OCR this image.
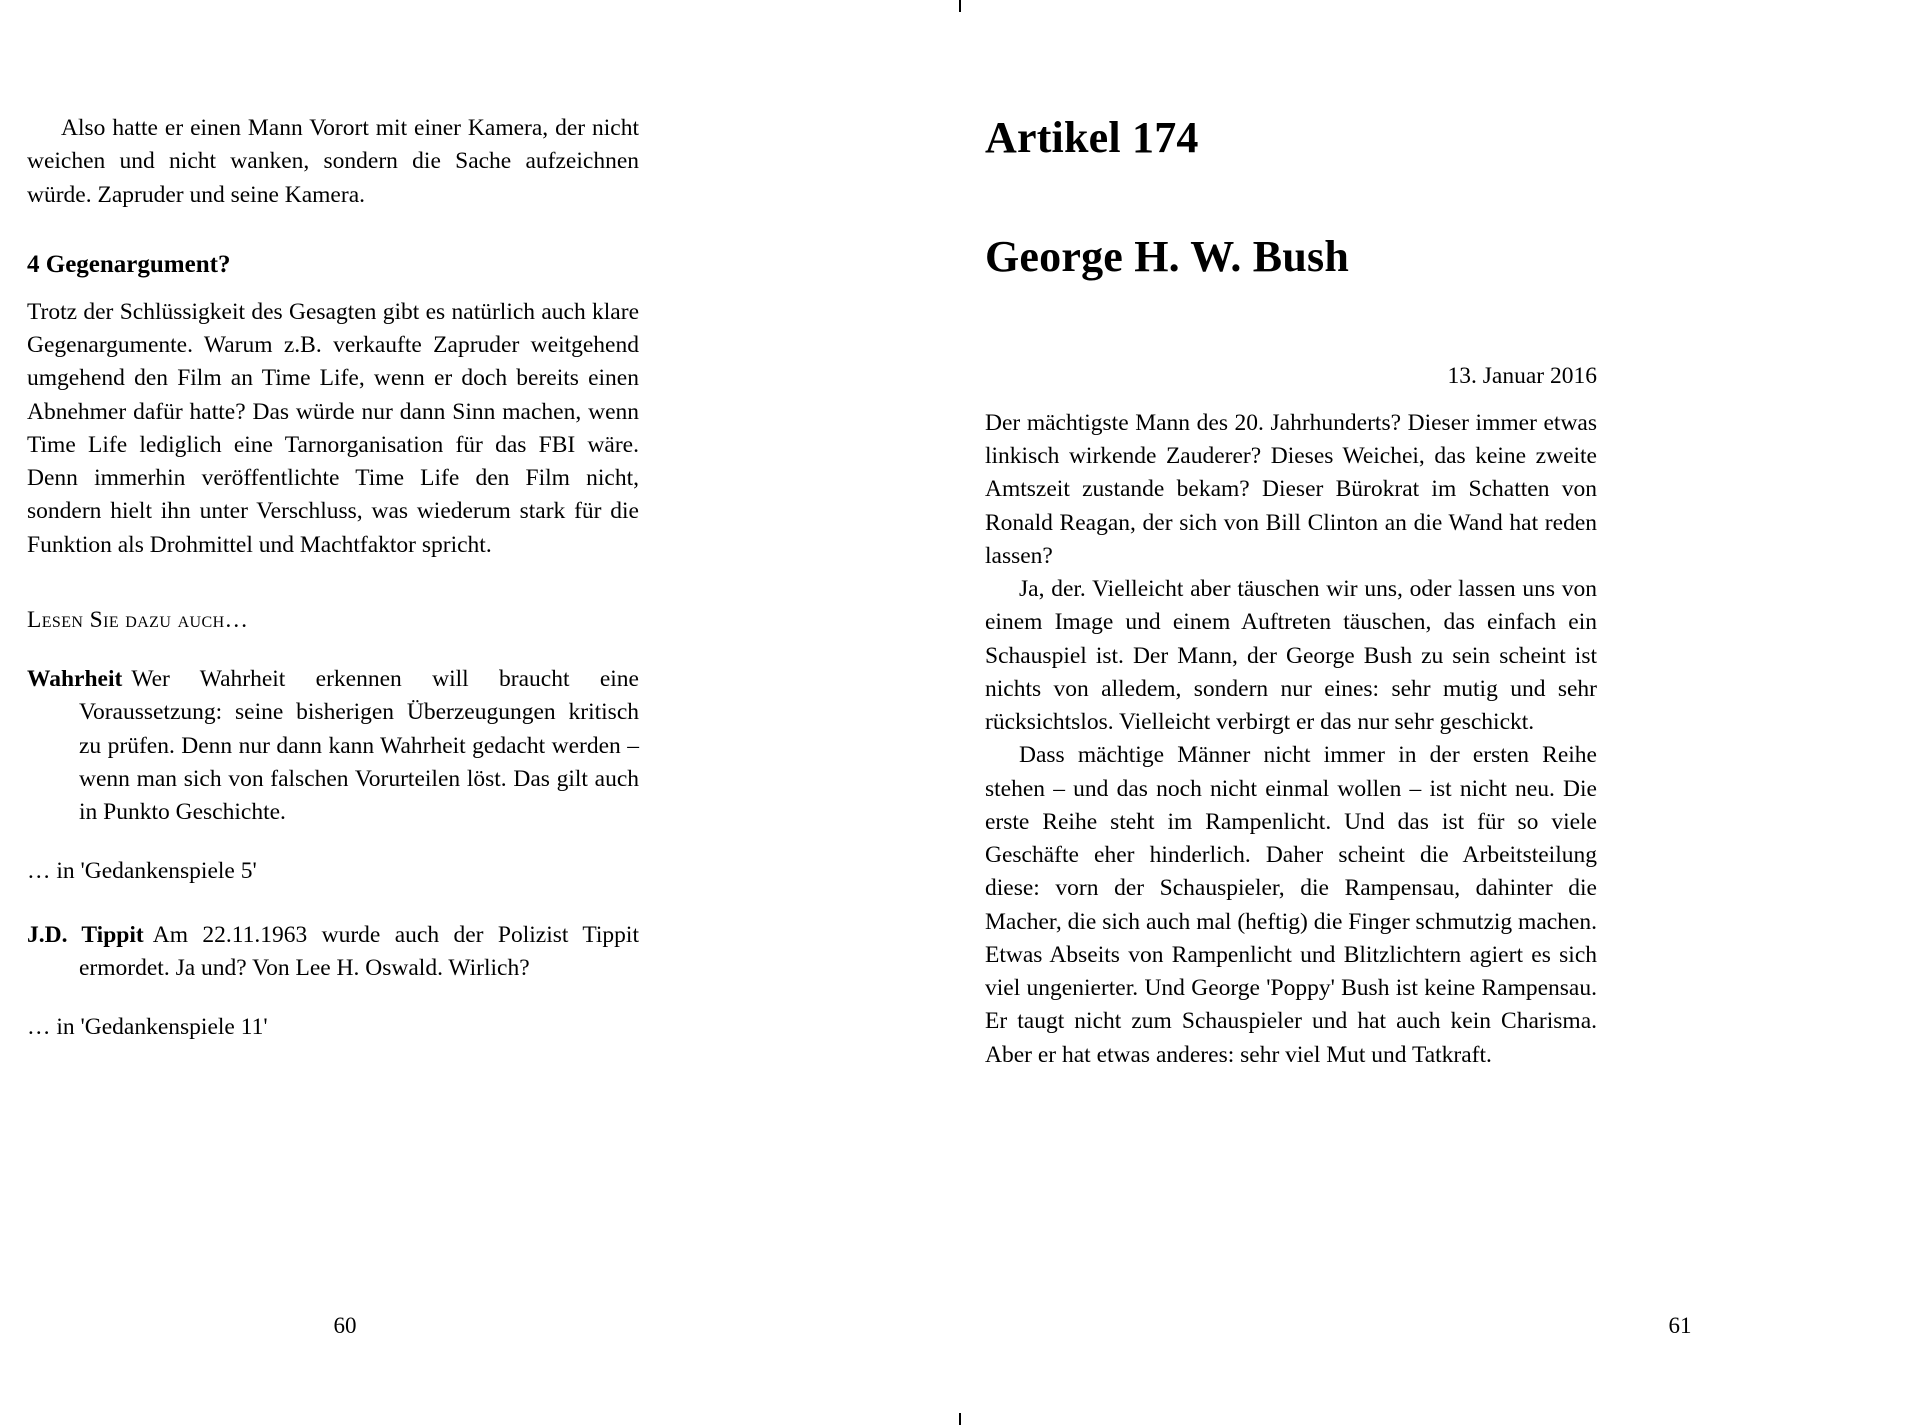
Also hatte er einen Mann Vorort mit einer Kamera, der nicht weichen und nicht wanken, sondern die Sache aufzeichnen würde. Zapruder und seine Kamera.

4 Gegenargument?

Trotz der Schlüssigkeit des Gesagten gibt es natürlich auch klare Gegenargumente. Warum z.B. verkaufte Zapruder weitgehend umgehend den Film an Time Life, wenn er doch bereits einen Abnehmer dafür hatte? Das würde nur dann Sinn machen, wenn Time Life lediglich eine Tarnorganisation für das FBI wäre. Denn immerhin veröffentlichte Time Life den Film nicht, sondern hielt ihn unter Verschluss, was wiederum stark für die Funktion als Drohmittel und Machtfaktor spricht.

Lesen Sie dazu auch…

Wahrheit Wer Wahrheit erkennen will braucht eine Voraussetzung: seine bisherigen Überzeugungen kritisch zu prüfen. Denn nur dann kann Wahrheit gedacht werden – wenn man sich von falschen Vorurteilen löst. Das gilt auch in Punkto Geschichte.

… in 'Gedankenspiele 5'

J.D. Tippit Am 22.11.1963 wurde auch der Polizist Tippit ermordet. Ja und? Von Lee H. Oswald. Wirlich?

… in 'Gedankenspiele 11'

60

Artikel 174

George H. W. Bush

13. Januar 2016

Der mächtigste Mann des 20. Jahrhunderts? Dieser immer etwas linkisch wirkende Zauderer? Dieses Weichei, das keine zweite Amtszeit zustande bekam? Dieser Bürokrat im Schatten von Ronald Reagan, der sich von Bill Clinton an die Wand hat reden lassen?

Ja, der. Vielleicht aber täuschen wir uns, oder lassen uns von einem Image und einem Auftreten täuschen, das einfach ein Schauspiel ist. Der Mann, der George Bush zu sein scheint ist nichts von alledem, sondern nur eines: sehr mutig und sehr rücksichtslos. Vielleicht verbirgt er das nur sehr geschickt.

Dass mächtige Männer nicht immer in der ersten Reihe stehen – und das noch nicht einmal wollen – ist nicht neu. Die erste Reihe steht im Rampenlicht. Und das ist für so viele Geschäfte eher hinderlich. Daher scheint die Arbeitsteilung diese: vorn der Schauspieler, die Rampensau, dahinter die Macher, die sich auch mal (heftig) die Finger schmutzig machen. Etwas Abseits von Rampenlicht und Blitzlichtern agiert es sich viel ungenierter. Und George 'Poppy' Bush ist keine Rampensau. Er taugt nicht zum Schauspieler und hat auch kein Charisma. Aber er hat etwas anderes: sehr viel Mut und Tatkraft.

61
